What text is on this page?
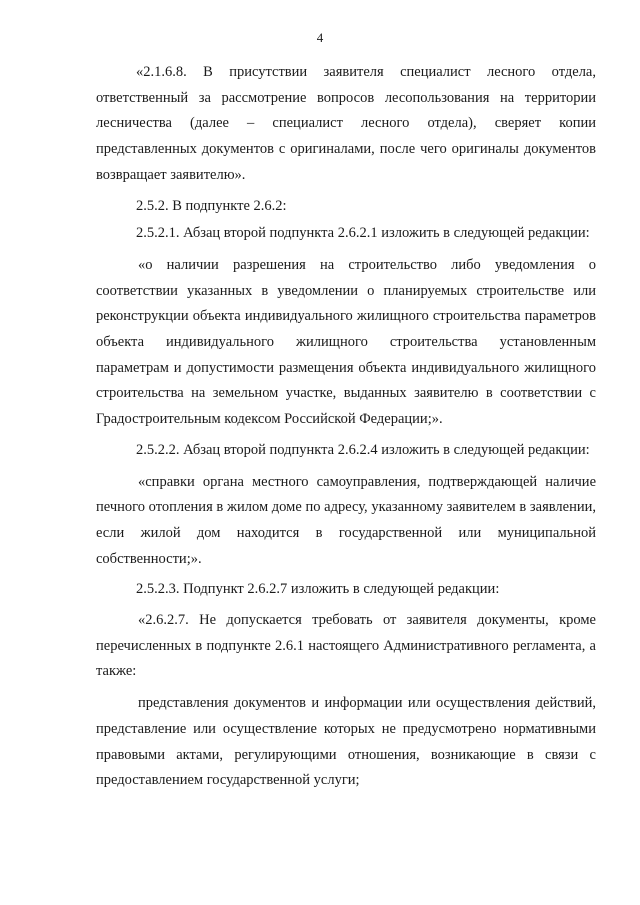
4

«2.1.6.8. В присутствии заявителя специалист лесного отдела, ответственный за рассмотрение вопросов лесопользования на территории лесничества (далее – специалист лесного отдела), сверяет копии представленных документов с оригиналами, после чего оригиналы документов возвращает заявителю».

2.5.2. В подпункте 2.6.2:

2.5.2.1. Абзац второй подпункта 2.6.2.1 изложить в следующей редакции:

«о наличии разрешения на строительство либо уведомления о соответствии указанных в уведомлении о планируемых строительстве или реконструкции объекта индивидуального жилищного строительства параметров объекта индивидуального жилищного строительства установленным параметрам и допустимости размещения объекта индивидуального жилищного строительства на земельном участке, выданных заявителю в соответствии с Градостроительным кодексом Российской Федерации;».

2.5.2.2. Абзац второй подпункта 2.6.2.4 изложить в следующей редакции:

«справки органа местного самоуправления, подтверждающей наличие печного отопления в жилом доме по адресу, указанному заявителем в заявлении, если жилой дом находится в государственной или муниципальной собственности;».

2.5.2.3. Подпункт 2.6.2.7 изложить в следующей редакции:

«2.6.2.7. Не допускается требовать от заявителя документы, кроме перечисленных в подпункте 2.6.1 настоящего Административного регламента, а также:

представления документов и информации или осуществления действий, представление или осуществление которых не предусмотрено нормативными правовыми актами, регулирующими отношения, возникающие в связи с предоставлением государственной услуги;
